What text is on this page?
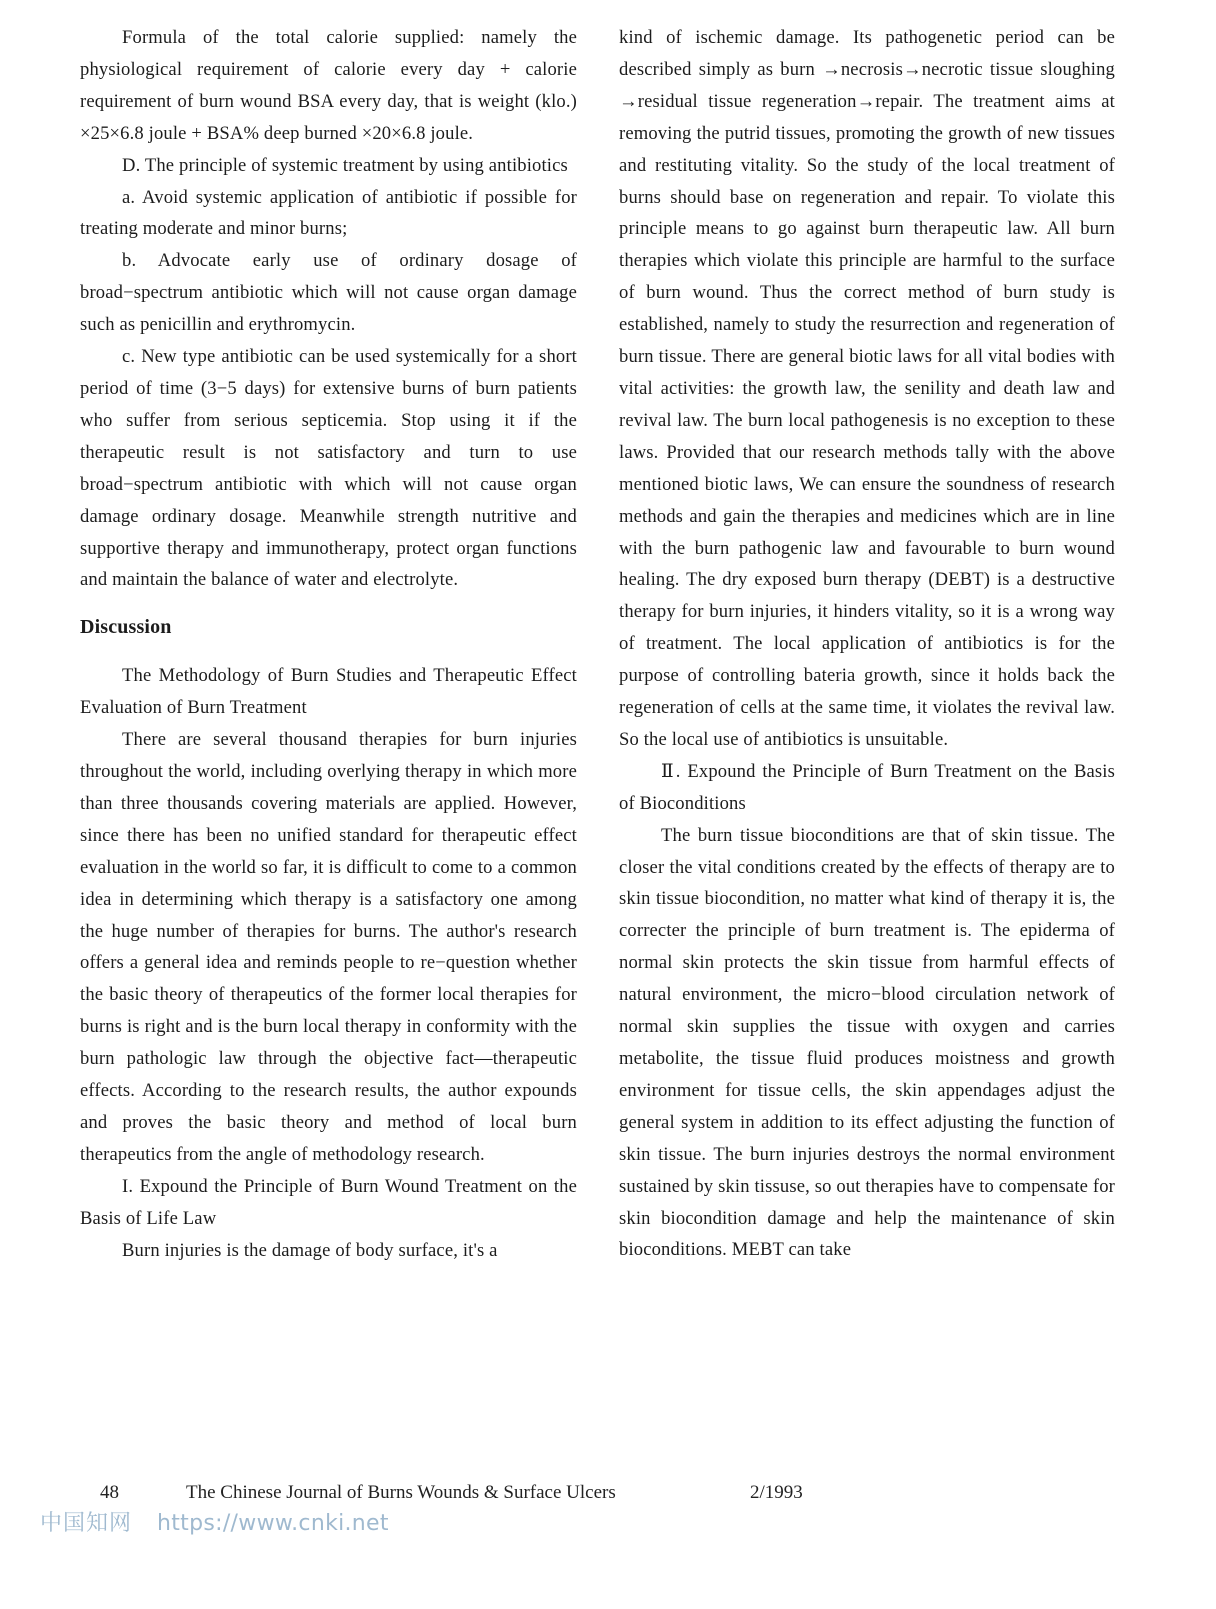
Formula of the total calorie supplied: namely the physiological requirement of calorie every day + calorie requirement of burn wound BSA every day, that is weight (klo.) ×25×6.8 joule + BSA% deep burned ×20×6.8 joule.

D. The principle of systemic treatment by using antibiotics

a. Avoid systemic application of antibiotic if possible for treating moderate and minor burns;

b. Advocate early use of ordinary dosage of broad−spectrum antibiotic which will not cause organ damage such as penicillin and erythromycin.

c. New type antibiotic can be used systemically for a short period of time (3−5 days) for extensive burns of burn patients who suffer from serious septicemia. Stop using it if the therapeutic result is not satisfactory and turn to use broad−spectrum antibiotic with which will not cause organ damage ordinary dosage. Meanwhile strength nutritive and supportive therapy and immunotherapy, protect organ functions and maintain the balance of water and electrolyte.

Discussion

The Methodology of Burn Studies and Therapeutic Effect Evaluation of Burn Treatment

There are several thousand therapies for burn injuries throughout the world, including overlying therapy in which more than three thousands covering materials are applied. However, since there has been no unified standard for therapeutic effect evaluation in the world so far, it is difficult to come to a common idea in determining which therapy is a satisfactory one among the huge number of therapies for burns. The author's research offers a general idea and reminds people to re−question whether the basic theory of therapeutics of the former local therapies for burns is right and is the burn local therapy in conformity with the burn pathologic law through the objective fact—therapeutic effects. According to the research results, the author expounds and proves the basic theory and method of local burn therapeutics from the angle of methodology research.

I. Expound the Principle of Burn Wound Treatment on the Basis of Life Law

Burn injuries is the damage of body surface, it's a

kind of ischemic damage. Its pathogenetic period can be described simply as burn →necrosis→necrotic tissue sloughing →residual tissue regeneration→repair. The treatment aims at removing the putrid tissues, promoting the growth of new tissues and restituting vitality. So the study of the local treatment of burns should base on regeneration and repair. To violate this principle means to go against burn therapeutic law. All burn therapies which violate this principle are harmful to the surface of burn wound. Thus the correct method of burn study is established, namely to study the resurrection and regeneration of burn tissue. There are general biotic laws for all vital bodies with vital activities: the growth law, the senility and death law and revival law. The burn local pathogenesis is no exception to these laws. Provided that our research methods tally with the above mentioned biotic laws, We can ensure the soundness of research methods and gain the therapies and medicines which are in line with the burn pathogenic law and favourable to burn wound healing. The dry exposed burn therapy (DEBT) is a destructive therapy for burn injuries, it hinders vitality, so it is a wrong way of treatment. The local application of antibiotics is for the purpose of controlling bateria growth, since it holds back the regeneration of cells at the same time, it violates the revival law. So the local use of antibiotics is unsuitable.

Ⅱ. Expound the Principle of Burn Treatment on the Basis of Bioconditions

The burn tissue bioconditions are that of skin tissue. The closer the vital conditions created by the effects of therapy are to skin tissue biocondition, no matter what kind of therapy it is, the correcter the principle of burn treatment is. The epiderma of normal skin protects the skin tissue from harmful effects of natural environment, the micro−blood circulation network of normal skin supplies the tissue with oxygen and carries metabolite, the tissue fluid produces moistness and growth environment for tissue cells, the skin appendages adjust the general system in addition to its effect adjusting the function of skin tissue. The burn injuries destroys the normal environment sustained by skin tissuse, so out therapies have to compensate for skin biocondition damage and help the maintenance of skin bioconditions. MEBT can take

48	The Chinese Journal of Burns Wounds & Surface Ulcers	2/1993
中国知网 https://www.cnki.net
